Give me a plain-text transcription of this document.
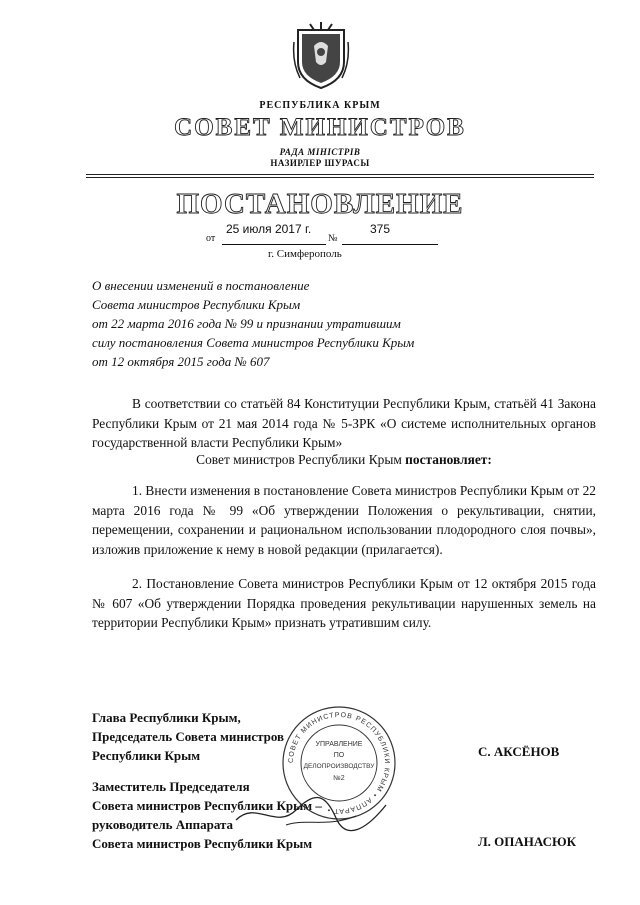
РЕСПУБЛИКА КРЫМ
СОВЕТ МИНИСТРОВ
РАДА МІНІСТРІВ
НАЗИРЛЕР ШУРАСЫ
ПОСТАНОВЛЕНИЕ
от
25 июля 2017 г.
№
375
г. Симферополь
О внесении изменений в постановление
Совета министров Республики Крым
от 22 марта 2016 года № 99 и признании утратившим
силу постановления Совета министров Республики Крым
от 12 октября 2015 года № 607
В соответствии со статьёй 84 Конституции Республики Крым, статьёй 41 Закона Республики Крым от 21 мая 2014 года № 5-ЗРК «О системе исполнительных органов государственной власти Республики Крым»
Совет министров Республики Крым постановляет:
1. Внести изменения в постановление Совета министров Республики Крым от 22 марта 2016 года № 99 «Об утверждении Положения о рекультивации, снятии, перемещении, сохранении и рациональном использовании плодородного слоя почвы», изложив приложение к нему в новой редакции (прилагается).
2. Постановление Совета министров Республики Крым от 12 октября 2015 года № 607 «Об утверждении Порядка проведения рекультивации нарушенных земель на территории Республики Крым» признать утратившим силу.
Глава Республики Крым,
Председатель Совета министров
Республики Крым	С. АКСЁНОВ
Заместитель Председателя
Совета министров Республики Крым –
руководитель Аппарата
Совета министров Республики Крым	Л. ОПАНАСЮК
СОВЕТ МИНИСТРОВ РЕСПУБЛИКИ КРЫМ • АППАРАТ •
УПРАВЛЕНИЕ
ПО
ДЕЛОПРОИЗВОДСТВУ
№2
